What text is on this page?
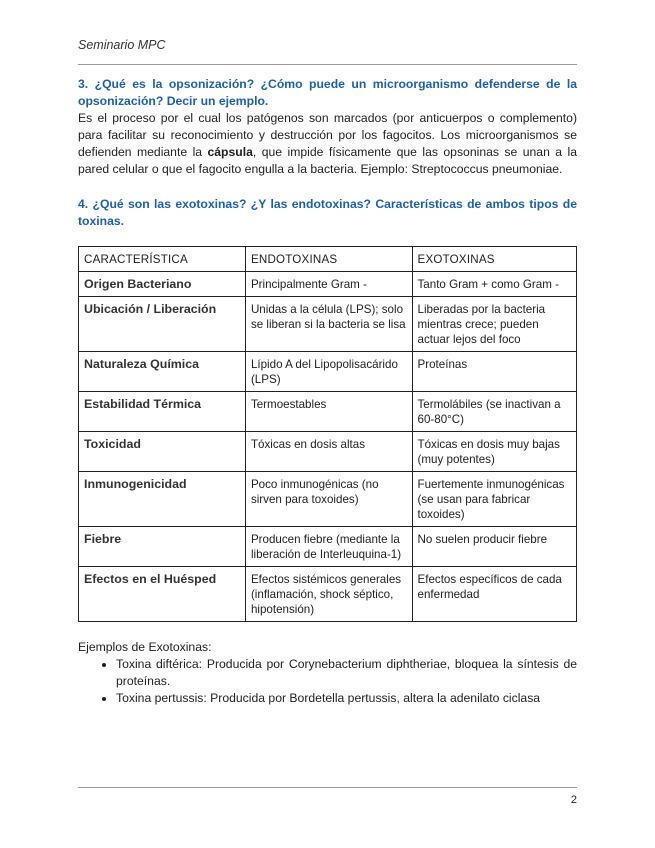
Seminario MPC

3. ¿Qué es la opsonización? ¿Cómo puede un microorganismo defenderse de la opsonización? Decir un ejemplo.

Es el proceso por el cual los patógenos son marcados (por anticuerpos o complemento) para facilitar su reconocimiento y destrucción por los fagocitos. Los microorganismos se defienden mediante la cápsula, que impide físicamente que las opsoninas se unan a la pared celular o que el fagocito engulla a la bacteria. Ejemplo: Streptococcus pneumoniae.

4. ¿Qué son las exotoxinas? ¿Y las endotoxinas? Características de ambos tipos de toxinas.

CARACTERÍSTICA	ENDOTOXINAS	EXOTOXINAS
Origen Bacteriano	Principalmente Gram -	Tanto Gram + como Gram -
Ubicación / Liberación	Unidas a la célula (LPS); solo se liberan si la bacteria se lisa	Liberadas por la bacteria mientras crece; pueden actuar lejos del foco
Naturaleza Química	Lípido A del Lipopolisacárido (LPS)	Proteínas
Estabilidad Térmica	Termoestables	Termolábiles (se inactivan a 60-80°C)
Toxicidad	Tóxicas en dosis altas	Tóxicas en dosis muy bajas (muy potentes)
Inmunogenicidad	Poco inmunogénicas (no sirven para toxoides)	Fuertemente inmunogénicas (se usan para fabricar toxoides)
Fiebre	Producen fiebre (mediante la liberación de Interleuquina-1)	No suelen producir fiebre
Efectos en el Huésped	Efectos sistémicos generales (inflamación, shock séptico, hipotensión)	Efectos específicos de cada enfermedad
Ejemplos de Exotoxinas:
• Toxina diftérica: Producida por Corynebacterium diphtheriae, bloquea la síntesis de proteínas.
• Toxina pertussis: Producida por Bordetella pertussis, altera la adenilato ciclasa
2
